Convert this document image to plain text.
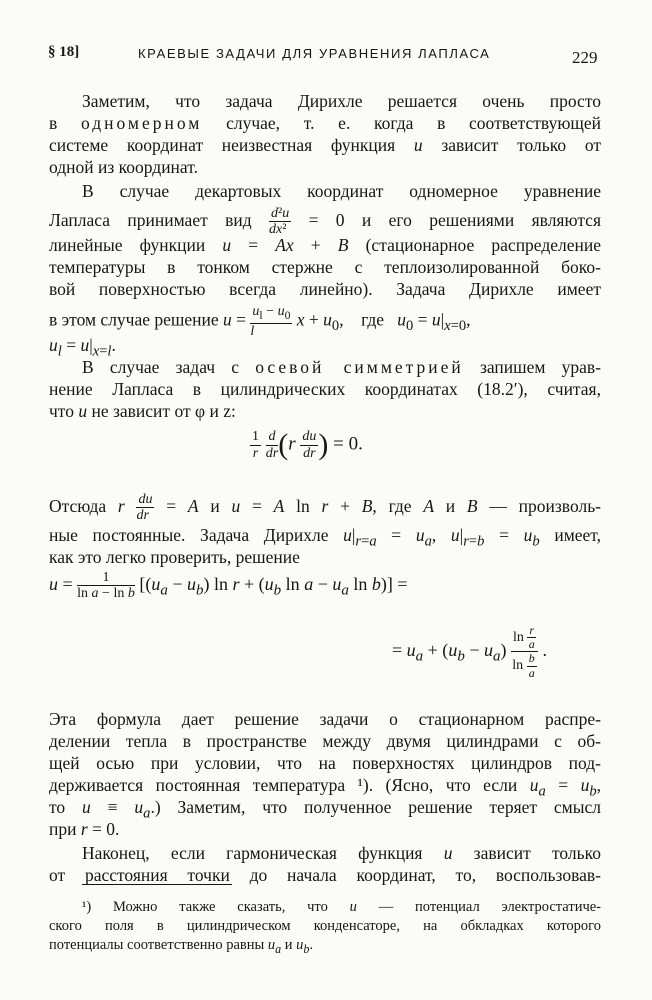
§ 18]	КРАЕВЫЕ ЗАДАЧИ ДЛЯ УРАВНЕНИЯ ЛАПЛАСА	229
Заметим, что задача Дирихле решается очень просто
в одномерном случае, т. е. когда в соответствующей
системе координат неизвестная функция u зависит только от
одной из координат.
В случае декартовых координат одномерное уравнение
Лапласа принимает вид $\frac{\text{d²u}}{\text{dx²}} = 0$ и его решениями являются
линейные функции u = Ax + B (стационарное распределение
температуры в тонком стержне с теплоизолированной боко-
вой поверхностью всегда линейно). Задача Дирихле имеет
в этом случае решение $u = \frac{u_l - u_0}{l}$ $x + u_0$,    где $u_0 = u|_{x=0}$,
$u_l = u|_{x=l}$.
В случае задач с осевой симметрией запишем урав-
нение Лапласа в цилиндрических координатах (18.2′), считая,
что u не зависит от φ и z:
$\frac{1}{r}$
$\frac{d}{dr} (r \frac{du}{dr}$ ) = 0.
Отсюда r $\frac{du}{dr} = A$ и u = A ln r + B, где A и B — произволь-
ные постоянные. Задача Дирихле $u|_{r=a} = u_a$, $u|_{r=b} = u_b$ имеет,
как это легко проверить, решение
$u = \frac{1}{\text{ln a − ln b}} [(u_a - u_b)$ $\ln r + (u_b$ $\ln a - u_a$ ln b)] =
= $u_a + (u_b - u_a) \frac{\ln \frac{r}{a}}{\ln \frac{b}{a}}$ .
Эта формула дает решение задачи о стационарном распре-
делении тепла в пространстве между двумя цилиндрами с об-
щей осью при условии, что на поверхностях цилиндров под-
держивается постоянная температура ¹). (Ясно, что если $u_a = u_b$,
то $u \equiv u_a$.) Заметим, что полученное решение теряет смысл
при r = 0.
Наконец, если гармоническая функция u зависит только
от расстояния точки до начала координат, то, воспользовав-
¹) Можно также сказать, что u — потенциал электростатиче-
ского поля в цилиндрическом конденсаторе, на обкладках которого
потенциалы соответственно равны $u_a$ и $u_b$.
